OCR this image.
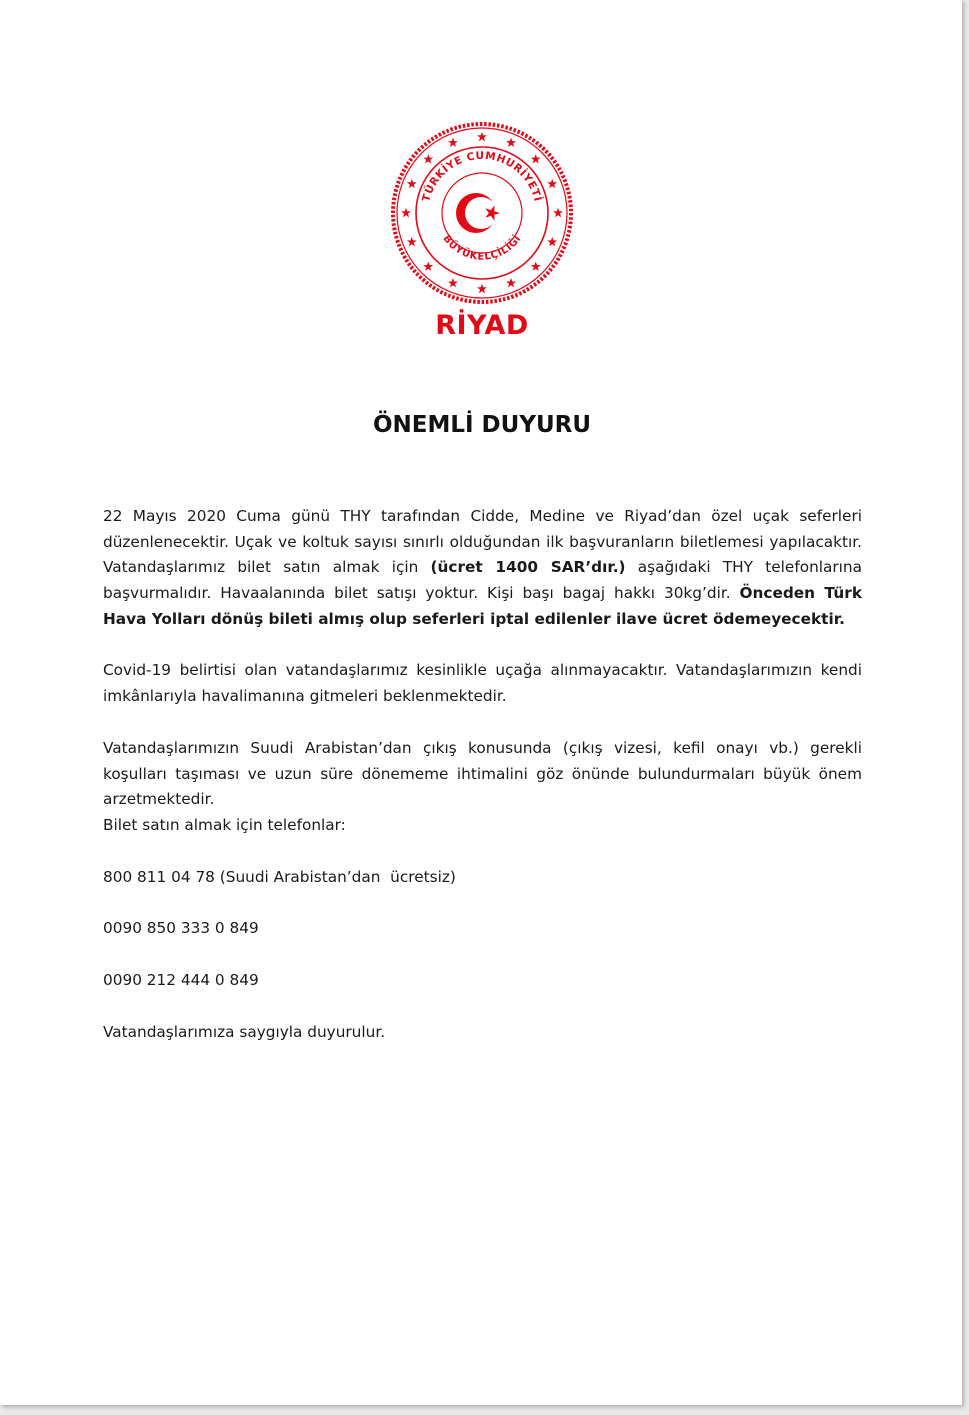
TÜRKİYE CUMHURİYETİ
BÜYÜKELÇİLİĞİ
RİYAD
ÖNEMLİ DUYURU

22 Mayıs 2020 Cuma günü THY tarafından Cidde, Medine ve Riyad’dan özel uçak seferleri düzenlenecektir. Uçak ve koltuk sayısı sınırlı olduğundan ilk başvuranların biletlemesi yapılacaktır. Vatandaşlarımız bilet satın almak için (ücret 1400 SAR’dır.) aşağıdaki THY telefonlarına başvurmalıdır. Havaalanında bilet satışı yoktur. Kişi başı bagaj hakkı 30kg’dir. Önceden Türk Hava Yolları dönüş bileti almış olup seferleri iptal edilenler ilave ücret ödemeyecektir.

Covid-19 belirtisi olan vatandaşlarımız kesinlikle uçağa alınmayacaktır. Vatandaşlarımızın kendi imkânlarıyla havalimanına gitmeleri beklenmektedir.

Vatandaşlarımızın Suudi Arabistan’dan çıkış konusunda (çıkış vizesi, kefil onayı vb.) gerekli koşulları taşıması ve uzun süre dönememe ihtimalini göz önünde bulundurmaları büyük önem arzetmektedir.

Bilet satın almak için telefonlar:

800 811 04 78 (Suudi Arabistan’dan  ücretsiz)

0090 850 333 0 849

0090 212 444 0 849

Vatandaşlarımıza saygıyla duyurulur.
